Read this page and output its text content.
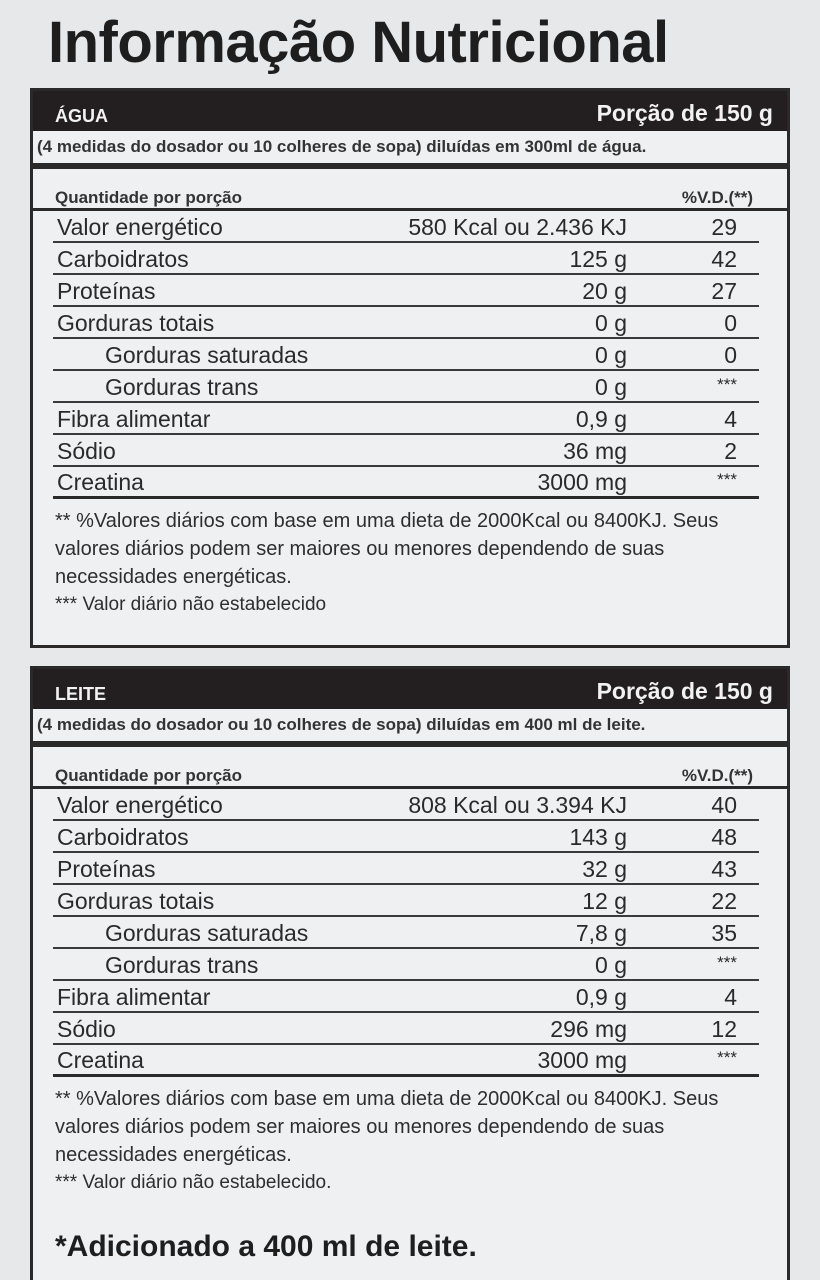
Informação Nutricional
ÁGUA	Porção de 150 g
(4 medidas do dosador ou 10 colheres de sopa) diluídas em 300ml de água.
Quantidade por porção	%V.D.(**)
Valor energético	580 Kcal ou 2.436 KJ	29
Carboidratos	125 g	42
Proteínas	20 g	27
Gorduras totais	0 g	0
Gorduras saturadas	0 g	0
Gorduras trans	0 g	***
Fibra alimentar	0,9 g	4
Sódio	36 mg	2
Creatina	3000 mg	***
** %Valores diários com base em uma dieta de 2000Kcal ou 8400KJ. Seus valores diários podem ser maiores ou menores dependendo de suas necessidades energéticas.
*** Valor diário não estabelecido
LEITE	Porção de 150 g
(4 medidas do dosador ou 10 colheres de sopa) diluídas em 400 ml de leite.
Quantidade por porção	%V.D.(**)
Valor energético	808 Kcal ou 3.394 KJ	40
Carboidratos	143 g	48
Proteínas	32 g	43
Gorduras totais	12 g	22
Gorduras saturadas	7,8 g	35
Gorduras trans	0 g	***
Fibra alimentar	0,9 g	4
Sódio	296 mg	12
Creatina	3000 mg	***
** %Valores diários com base em uma dieta de 2000Kcal ou 8400KJ. Seus valores diários podem ser maiores ou menores dependendo de suas necessidades energéticas.
*** Valor diário não estabelecido.
*Adicionado a 400 ml de leite.
